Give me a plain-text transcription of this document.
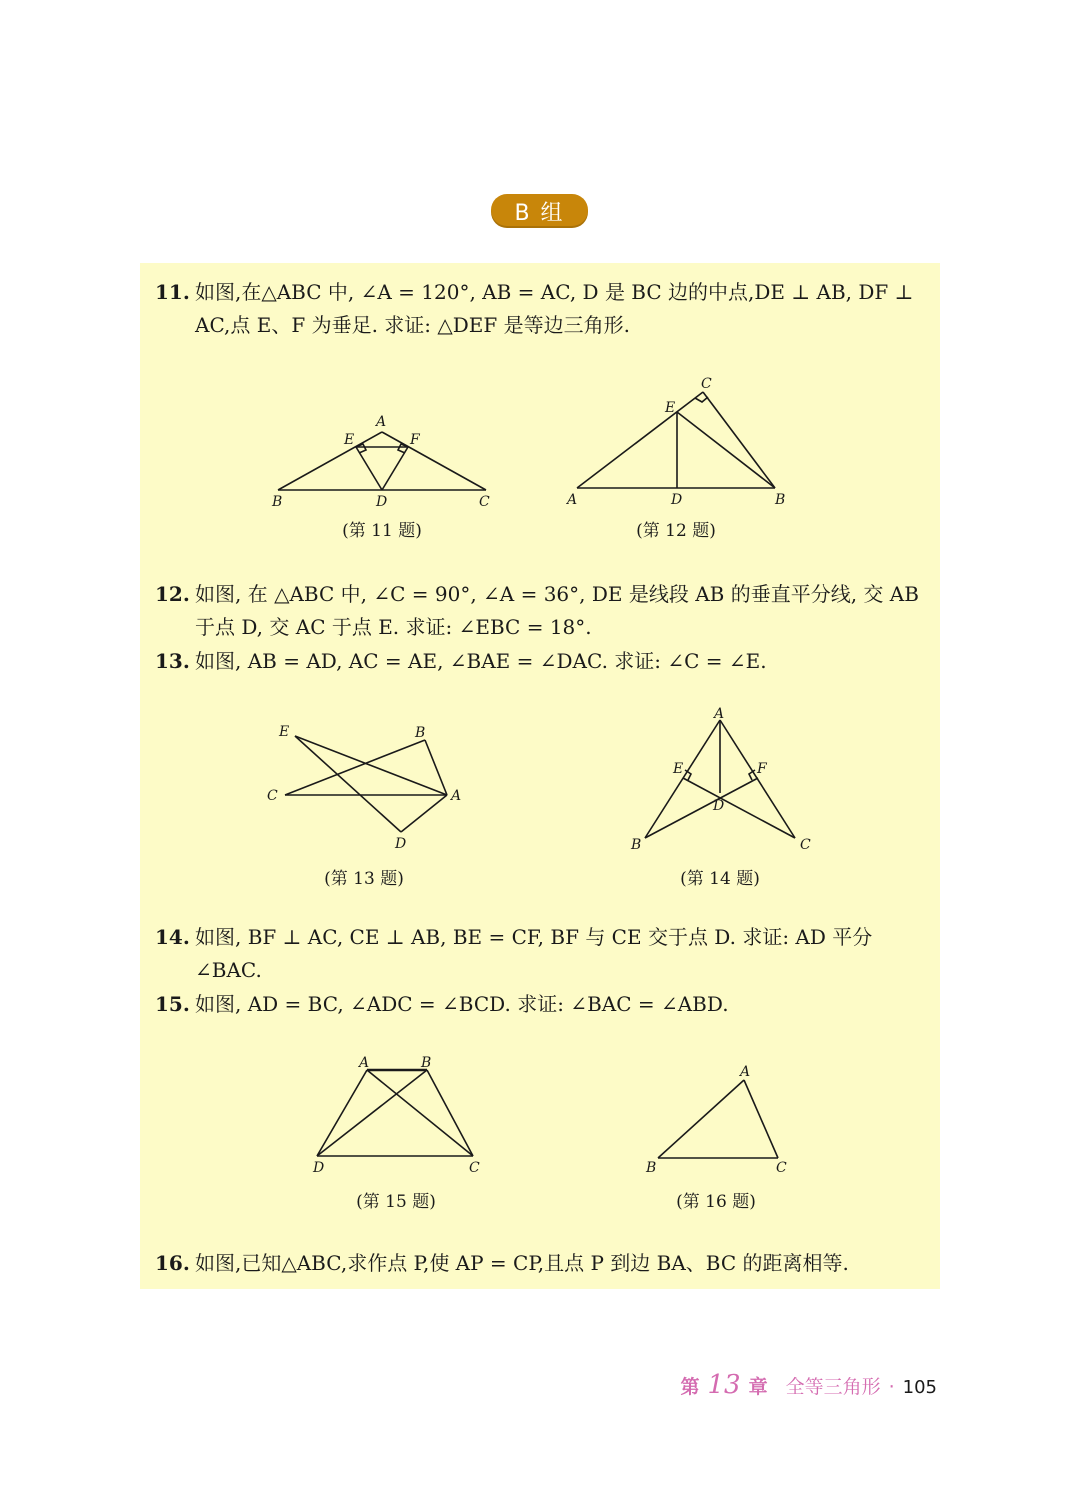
B 组
11. 如图,在△ABC 中, ∠A = 120°, AB = AC, D 是 BC 边的中点,DE ⊥ AB, DF ⊥
AC,点 E、F 为垂足. 求证: △DEF 是等边三角形.
A
B	C
D
E	F
(第 11 题)
C
E
A	D	B
(第 12 题)
12. 如图, 在 △ABC 中, ∠C = 90°, ∠A = 36°, DE 是线段 AB 的垂直平分线, 交 AB
于点 D, 交 AC 于点 E. 求证: ∠EBC = 18°.
13. 如图, AB = AD, AC = AE, ∠BAE = ∠DAC. 求证: ∠C = ∠E.
E	B
C	A
D
(第 13 题)
A
E	F
D
B	C
(第 14 题)
14. 如图, BF ⊥ AC, CE ⊥ AB, BE = CF, BF 与 CE 交于点 D. 求证: AD 平分
∠BAC.
15. 如图, AD = BC, ∠ADC = ∠BCD. 求证: ∠BAC = ∠ABD.
A	B
D	C
(第 15 题)
A
B	C
(第 16 题)
16. 如图,已知△ABC,求作点 P,使 AP = CP,且点 P 到边 BA、BC 的距离相等.
第 13 章 全等三角形 · 105
